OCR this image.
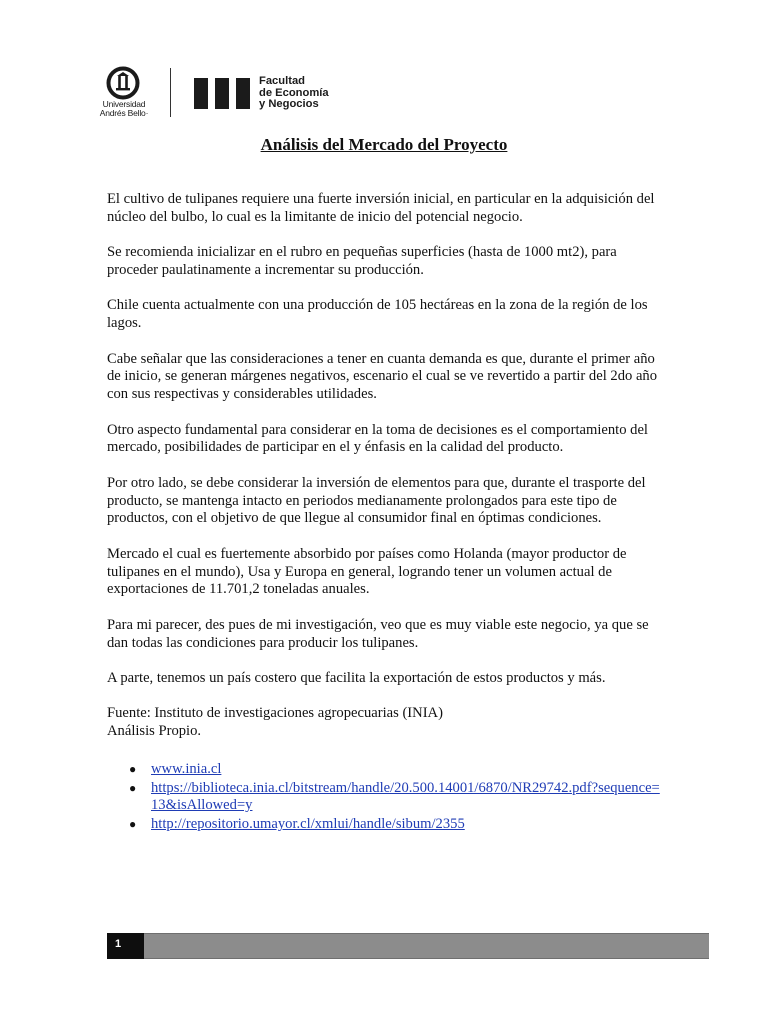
Universidad
Andrés Bello·
Facultad
de Economía
y Negocios
Análisis del Mercado del Proyecto

El cultivo de tulipanes requiere una fuerte inversión inicial, en particular en la adquisición del núcleo del bulbo, lo cual es la limitante de inicio del potencial negocio.

Se recomienda inicializar en el rubro en pequeñas superficies (hasta de 1000 mt2), para proceder paulatinamente a incrementar su producción.

Chile cuenta actualmente con una producción de 105 hectáreas en la zona de la región de los lagos.

Cabe señalar que las consideraciones a tener en cuanta demanda es que, durante el primer año de inicio, se generan márgenes negativos, escenario el cual se ve revertido a partir del 2do año con sus respectivas y considerables utilidades.

Otro aspecto fundamental para considerar en la toma de decisiones es el comportamiento del mercado, posibilidades de participar en el y énfasis en la calidad del producto.

Por otro lado, se debe considerar la inversión de elementos para que, durante el trasporte del producto, se mantenga intacto en periodos medianamente prolongados para este tipo de productos, con el objetivo de que llegue al consumidor final en óptimas condiciones.

Mercado el cual es fuertemente absorbido por países como Holanda (mayor productor de tulipanes en el mundo), Usa y Europa en general, logrando tener un volumen actual de exportaciones de 11.701,2 toneladas anuales.

Para mi parecer, des pues de mi investigación, veo que es muy viable este negocio, ya que se dan todas las condiciones para producir los tulipanes.

A parte, tenemos un país costero que facilita la exportación de estos productos y más.

Fuente: Instituto de investigaciones agropecuarias (INIA)

Análisis Propio.

● www.inia.cl
● https://biblioteca.inia.cl/bitstream/handle/20.500.14001/6870/NR29742.pdf?sequence=13&isAllowed=y
● http://repositorio.umayor.cl/xmlui/handle/sibum/2355
1
